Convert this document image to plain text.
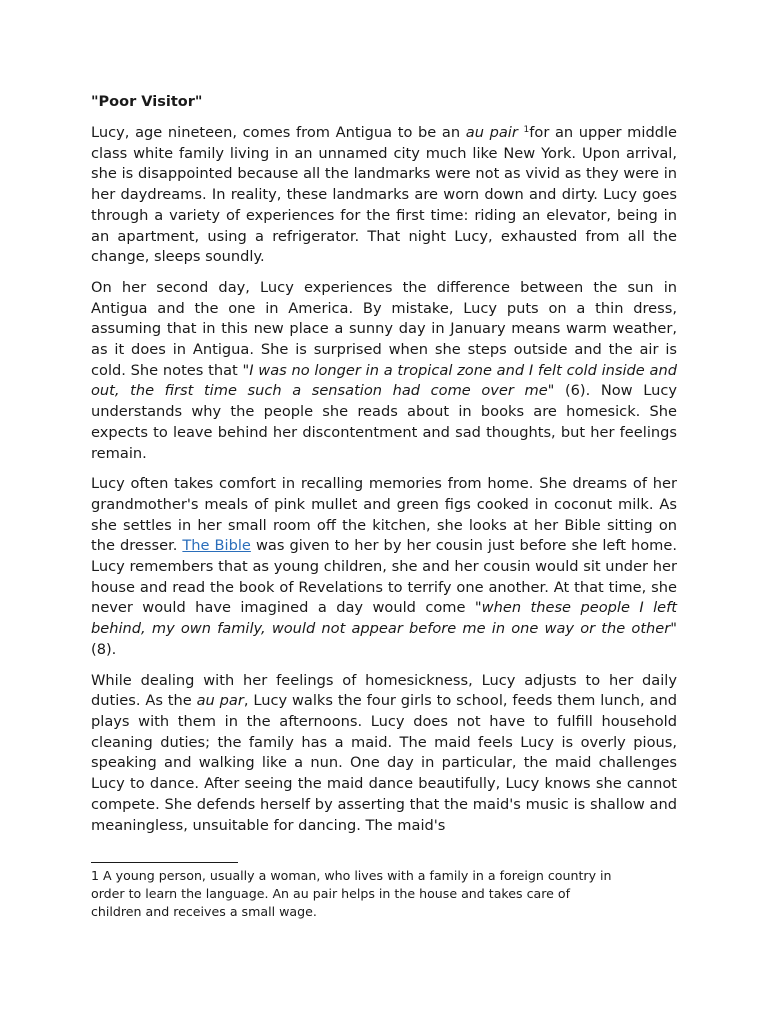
"Poor Visitor"

Lucy, age nineteen, comes from Antigua to be an au pair $^1$for an upper middle class white family living in an unnamed city much like New York. Upon arrival, she is disappointed because all the landmarks were not as vivid as they were in her daydreams. In reality, these landmarks are worn down and dirty. Lucy goes through a variety of experiences for the first time: riding an elevator, being in an apartment, using a refrigerator. That night Lucy, exhausted from all the change, sleeps soundly.

On her second day, Lucy experiences the difference between the sun in Antigua and the one in America. By mistake, Lucy puts on a thin dress, assuming that in this new place a sunny day in January means warm weather, as it does in Antigua. She is surprised when she steps outside and the air is cold. She notes that "I was no longer in a tropical zone and I felt cold inside and out, the first time such a sensation had come over me" (6). Now Lucy understands why the people she reads about in books are homesick. She expects to leave behind her discontentment and sad thoughts, but her feelings remain.

Lucy often takes comfort in recalling memories from home. She dreams of her grandmother's meals of pink mullet and green figs cooked in coconut milk. As she settles in her small room off the kitchen, she looks at her Bible sitting on the dresser. The Bible was given to her by her cousin just before she left home. Lucy remembers that as young children, she and her cousin would sit under her house and read the book of Revelations to terrify one another. At that time, she never would have imagined a day would come "when these people I left behind, my own family, would not appear before me in one way or the other" (8).

While dealing with her feelings of homesickness, Lucy adjusts to her daily duties. As the au par, Lucy walks the four girls to school, feeds them lunch, and plays with them in the afternoons. Lucy does not have to fulfill household cleaning duties; the family has a maid. The maid feels Lucy is overly pious, speaking and walking like a nun. One day in particular, the maid challenges Lucy to dance. After seeing the maid dance beautifully, Lucy knows she cannot compete. She defends herself by asserting that the maid's music is shallow and meaningless, unsuitable for dancing. The maid's

1 A young person, usually a woman, who lives with a family in a foreign country in
order to learn the language. An au pair helps in the house and takes care of
children and receives a small wage.
